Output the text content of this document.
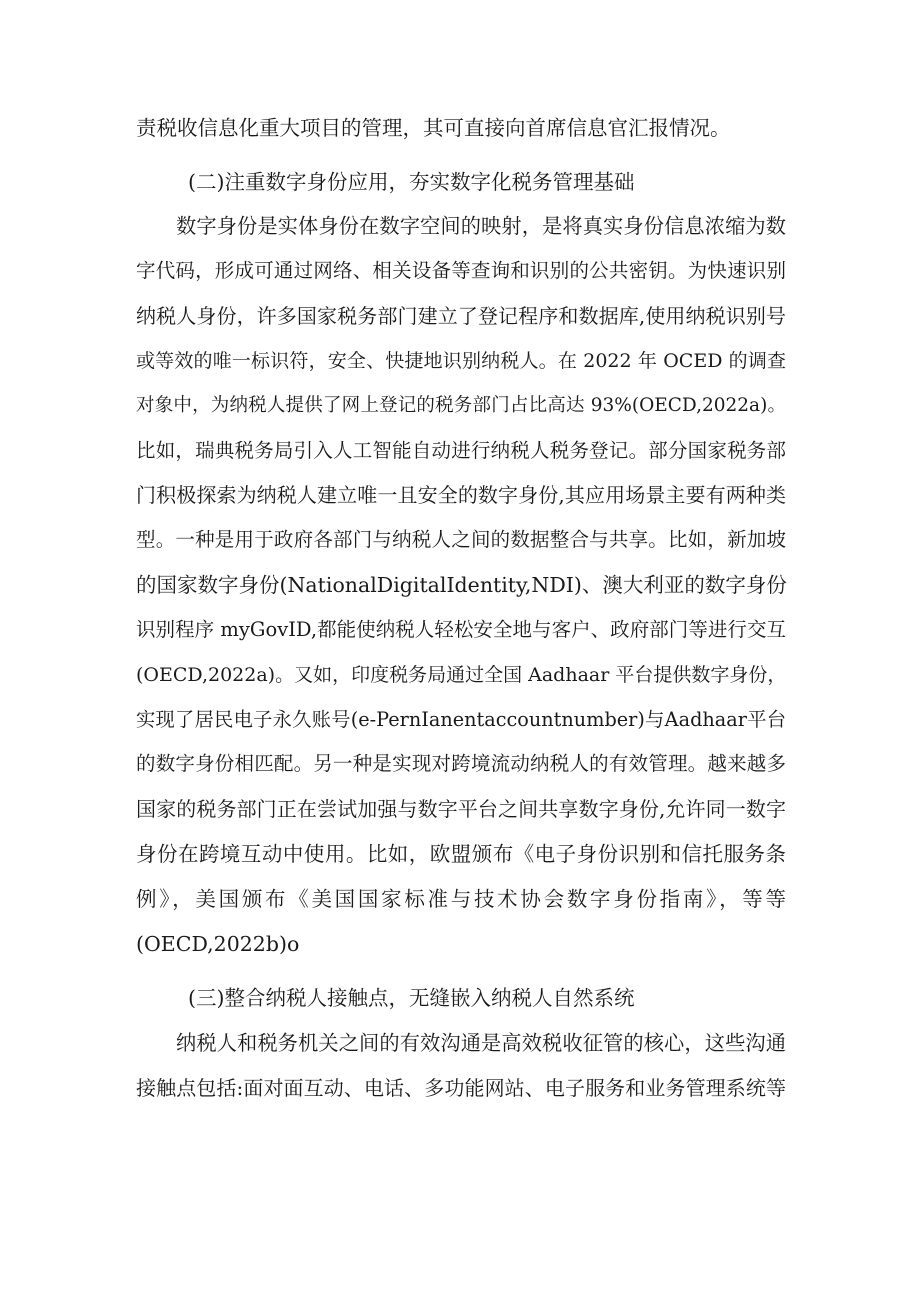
责税收信息化重大项目的管理，其可直接向首席信息官汇报情况。
(二)注重数字身份应用，夯实数字化税务管理基础
数字身份是实体身份在数字空间的映射，是将真实身份信息浓缩为数
字代码，形成可通过网络、相关设备等查询和识别的公共密钥。为快速识别
纳税人身份，许多国家税务部门建立了登记程序和数据库,使用纳税识别号
或等效的唯一标识符，安全、快捷地识别纳税人。在 2022 年 OCED 的调查
对象中，为纳税人提供了网上登记的税务部门占比高达 93%(OECD,2022a)。
比如，瑞典税务局引入人工智能自动进行纳税人税务登记。部分国家税务部
门积极探索为纳税人建立唯一且安全的数字身份,其应用场景主要有两种类
型。一种是用于政府各部门与纳税人之间的数据整合与共享。比如，新加坡
的国家数字身份(NationalDigitalIdentity,NDI)、澳大利亚的数字身份
识别程序 myGovID,都能使纳税人轻松安全地与客户、政府部门等进行交互
(OECD,2022a)。又如，印度税务局通过全国 Aadhaar 平台提供数字身份，
实现了居民电子永久账号(e-PernIanentaccountnumber)与Aadhaar平台
的数字身份相匹配。另一种是实现对跨境流动纳税人的有效管理。越来越多
国家的税务部门正在尝试加强与数字平台之间共享数字身份,允许同一数字
身份在跨境互动中使用。比如，欧盟颁布《电子身份识别和信托服务条
例》，美国颁布《美国国家标准与技术协会数字身份指南》，等等
(OECD,2022b)o
(三)整合纳税人接触点，无缝嵌入纳税人自然系统
纳税人和税务机关之间的有效沟通是高效税收征管的核心，这些沟通
接触点包括:面对面互动、电话、多功能网站、电子服务和业务管理系统等
